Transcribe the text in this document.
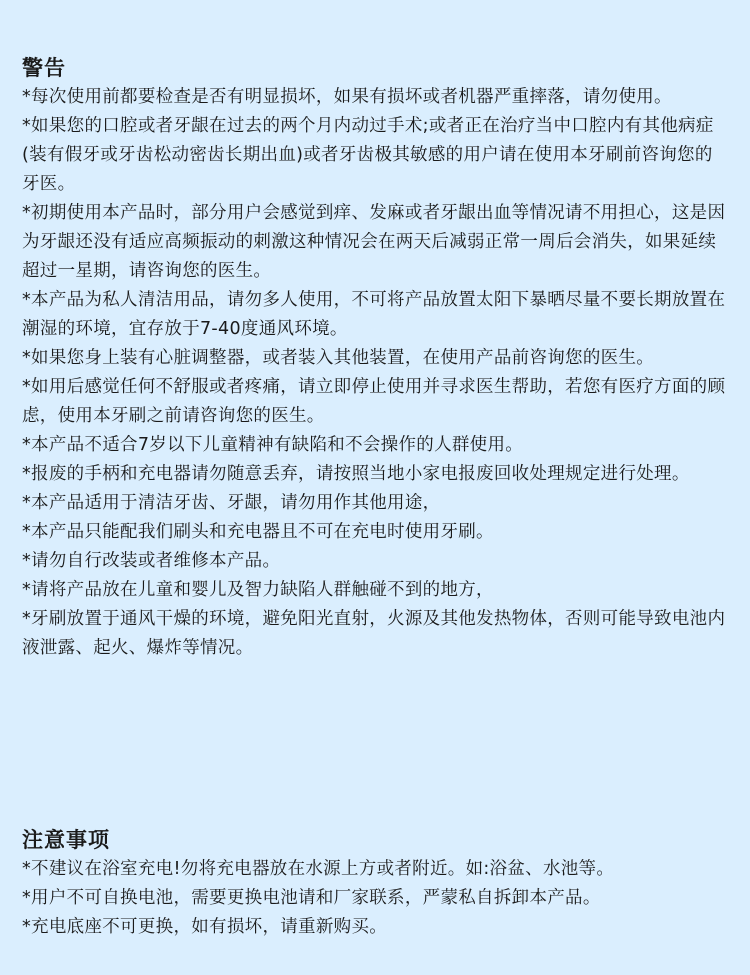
警告

*每次使用前都要检查是否有明显损坏，如果有损坏或者机器严重摔落，请勿使用。

*如果您的口腔或者牙龈在过去的两个月内动过手术;或者正在治疗当中口腔内有其他病症(装有假牙或牙齿松动密齿长期出血)或者牙齿极其敏感的用户请在使用本牙刷前咨询您的牙医。

*初期使用本产品时，部分用户会感觉到痒、发麻或者牙龈出血等情况请不用担心，这是因为牙龈还没有适应高频振动的刺激这种情况会在两天后减弱正常一周后会消失，如果延续超过一星期，请咨询您的医生。

*本产品为私人清洁用品，请勿多人使用，不可将产品放置太阳下暴晒尽量不要长期放置在潮湿的环境，宜存放于7-40度通风环境。

*如果您身上装有心脏调整器，或者装入其他装置，在使用产品前咨询您的医生。

*如用后感觉任何不舒服或者疼痛，请立即停止使用并寻求医生帮助，若您有医疗方面的顾虑，使用本牙刷之前请咨询您的医生。

*本产品不适合7岁以下儿童精神有缺陷和不会操作的人群使用。

*报废的手柄和充电器请勿随意丢弃，请按照当地小家电报废回收处理规定进行处理。

*本产品适用于清洁牙齿、牙龈，请勿用作其他用途，

*本产品只能配我们刷头和充电器且不可在充电时使用牙刷。

*请勿自行改装或者维修本产品。

*请将产品放在儿童和婴儿及智力缺陷人群触碰不到的地方，

*牙刷放置于通风干燥的环境，避免阳光直射，火源及其他发热物体，否则可能导致电池内液泄露、起火、爆炸等情况。

注意事项

*不建议在浴室充电!勿将充电器放在水源上方或者附近。如:浴盆、水池等。

*用户不可自换电池，需要更换电池请和厂家联系，严蒙私自拆卸本产品。

*充电底座不可更换，如有损坏，请重新购买。
